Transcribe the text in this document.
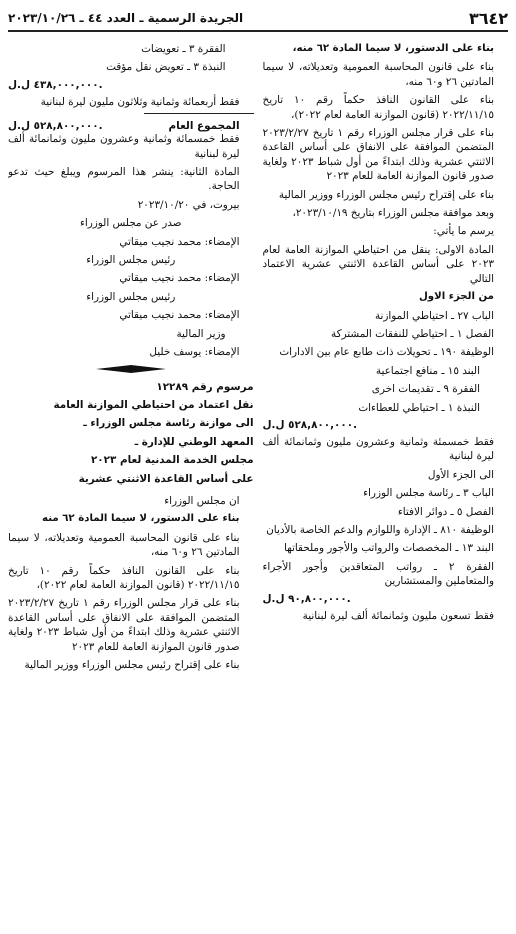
٣٦٤٢
الجريدة الرسمية ـ العدد ٤٤ ـ ٢٠٢٣/١٠/٢٦

بناء على الدستور، لا سيما المادة ٦٢ منه،

بناء على قانون المحاسبة العمومية وتعديلاته، لا سيما المادتين ٢٦ و٦٠ منه،

بناء على القانون النافذ حكماً رقم ١٠ تاريخ ٢٠٢٢/١١/١٥ (قانون الموازنة العامة لعام ٢٠٢٢)،

بناء على قرار مجلس الوزراء رقم ١ تاريخ ٢٠٢٣/٢/٢٧ المتضمن الموافقة على الانفاق على أساس القاعدة الاثنتي عشرية وذلك ابتداءً من أول شباط ٢٠٢٣ ولغاية صدور قانون الموازنة العامة للعام ٢٠٢٣

بناء على إقتراح رئيس مجلس الوزراء ووزير المالية

وبعد موافقة مجلس الوزراء بتاريخ ٢٠٢٣/١٠/١٩،

يرسم ما يأتي:

المادة الاولى: ينقل من احتياطي الموازنة العامة لعام ٢٠٢٣ على أساس القاعدة الاثنتي عشرية الاعتماد التالي

من الجزء الاول

الباب ٢٧ ـ احتياطي الموازنة

الفصل ١ ـ احتياطي للنفقات المشتركة

الوظيفة ١٩٠ ـ تحويلات ذات طابع عام بين الادارات

البند ١٥ ـ منافع اجتماعية

الفقرة ٩ ـ تقديمات اخرى

النبذة ١ ـ احتياطي للعطاءات

٥٢٨,٨٠٠,٠٠٠ ل.ل.

فقط خمسمئة وثمانية وعشرون مليون وثمانمائة ألف ليرة لبنانية

الى الجزء الأول

الباب ٣ ـ رئاسة مجلس الوزراء

الفصل ٥ ـ دوائر الافتاء

الوظيفة ٨١٠ ـ الإدارة واللوازم والدعم الخاصة بالأديان

البند ١٣ ـ المخصصات والرواتب والأجور وملحقاتها

الفقرة ٢ ـ رواتب المتعاقدين وأجور الأجراء والمتعاملين والمستشارين

٩٠,٨٠٠,٠٠٠ ل.ل.

فقط تسعون مليون وثمانمائة ألف ليرة لبنانية

الفقرة ٣ ـ تعويضات

النبذة ٣ ـ تعويض نقل مؤقت

٤٣٨,٠٠٠,٠٠٠ ل.ل.

فقط أربعمائة وثمانية وثلاثون مليون ليرة لبنانية

المجموع العام
٥٢٨,٨٠٠,٠٠٠ ل.ل.

فقط خمسمائة وثمانية وعشرون مليون وثمانمائة ألف ليرة لبنانية

المادة الثانية: ينشر هذا المرسوم ويبلغ حيث تدعو الحاجة.

بيروت، في ٢٠٢٣/١٠/٢٠

صدر عن مجلس الوزراء

الإمضاء: محمد نجيب ميقاتي

رئيس مجلس الوزراء

الإمضاء: محمد نجيب ميقاتي

رئيس مجلس الوزراء

الإمضاء: محمد نجيب ميقاتي

وزير المالية

الإمضاء: يوسف خليل

مرسوم رقم ١٢٢٨٩

نقل اعتماد من احتياطي الموازنة العامة

الى موازنة رئاسة مجلس الوزراء ـ

المعهد الوطني للإدارة ـ

مجلس الخدمة المدنية لعام ٢٠٢٣

على أساس القاعدة الاثنتي عشرية

ان مجلس الوزراء

بناء على الدستور، لا سيما المادة ٦٢ منه

بناء على قانون المحاسبة العمومية وتعديلاته، لا سيما المادتين ٢٦ و٦٠ منه،

بناء على القانون النافذ حكماً رقم ١٠ تاريخ ٢٠٢٢/١١/١٥ (قانون الموازنة العامة لعام ٢٠٢٢)،

بناء على قرار مجلس الوزراء رقم ١ تاريخ ٢٠٢٣/٢/٢٧ المتضمن الموافقة على الانفاق على أساس القاعدة الاثنتي عشرية وذلك ابتداءً من أول شباط ٢٠٢٣ ولغاية صدور قانون الموازنة العامة للعام ٢٠٢٣

بناء على إقتراح رئيس مجلس الوزراء ووزير المالية
